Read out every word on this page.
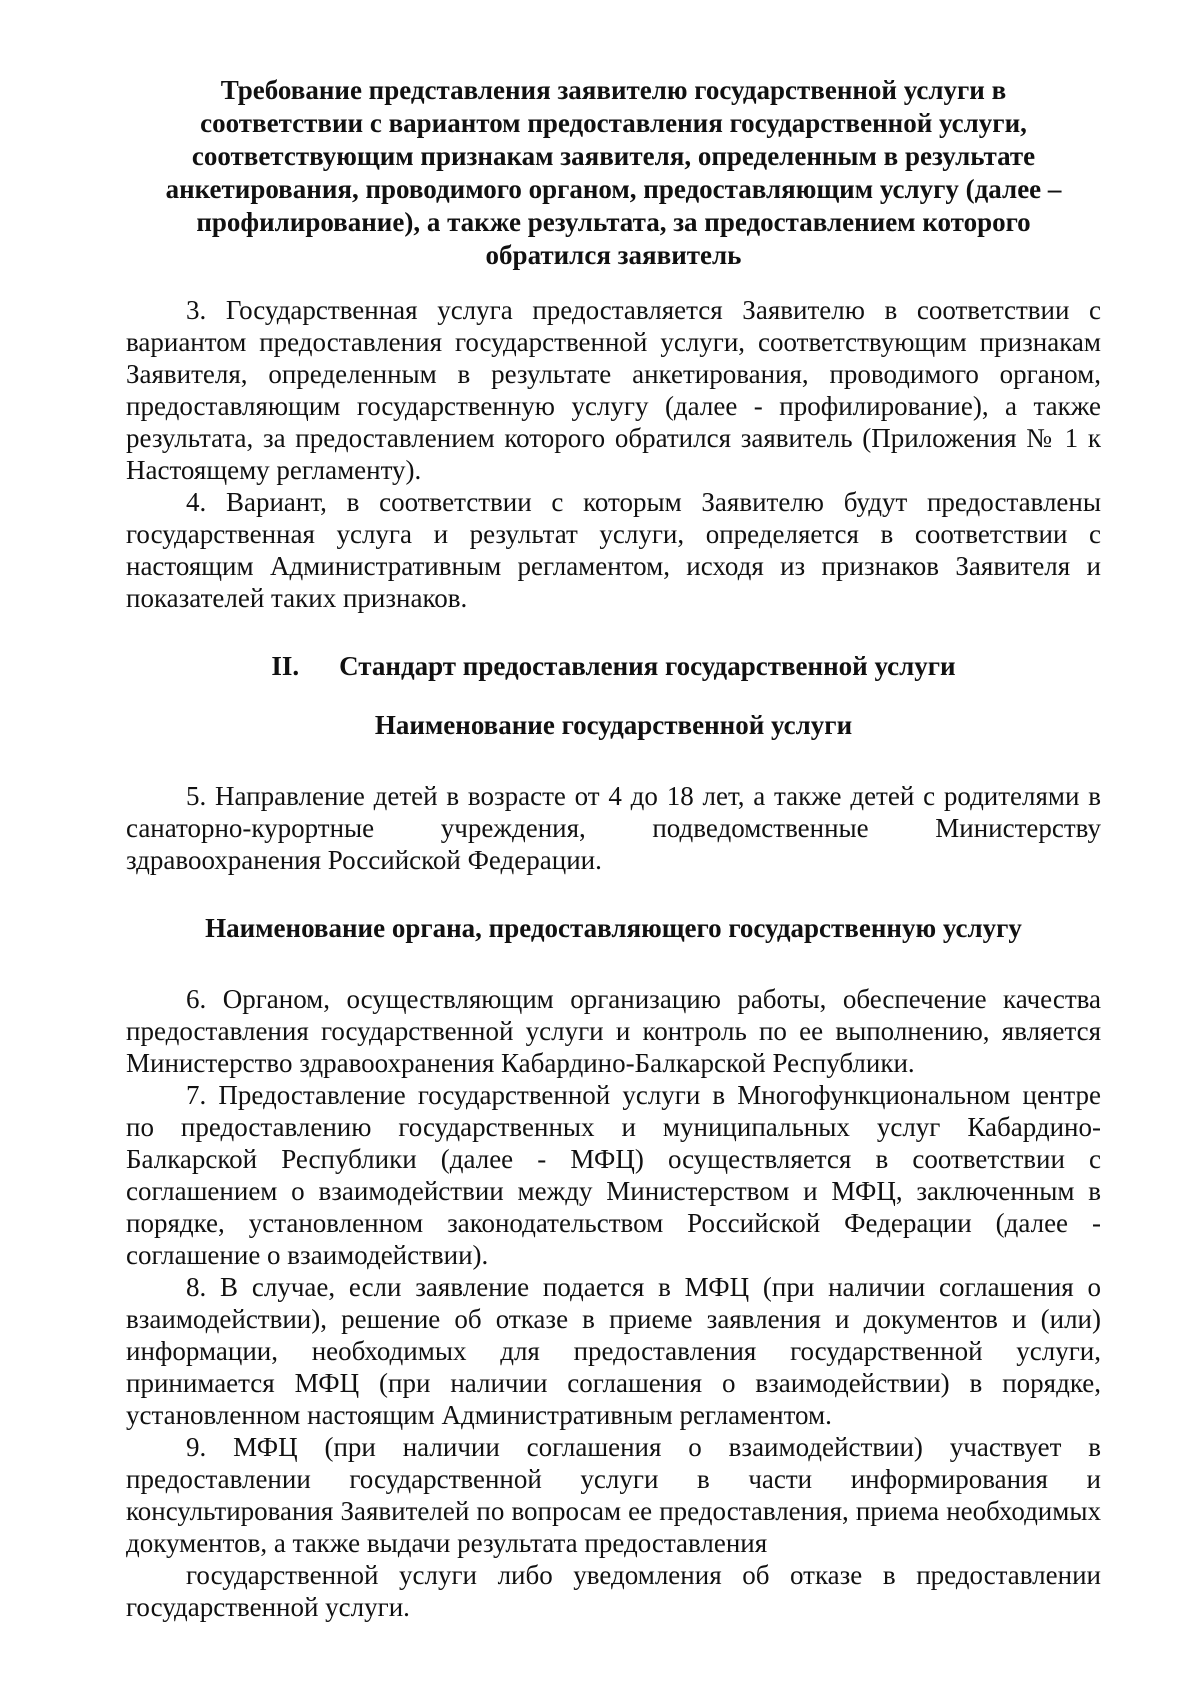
Требование представления заявителю государственной услуги в соответствии с вариантом предоставления государственной услуги, соответствующим признакам заявителя, определенным в результате анкетирования, проводимого органом, предоставляющим услугу (далее – профилирование), а также результата, за предоставлением которого обратился заявитель

3. Государственная услуга предоставляется Заявителю в соответствии с вариантом предоставления государственной услуги, соответствующим признакам Заявителя, определенным в результате анкетирования, проводимого органом, предоставляющим государственную услугу (далее - профилирование), а также результата, за предоставлением которого обратился заявитель (Приложения № 1 к Настоящему регламенту).

4. Вариант, в соответствии с которым Заявителю будут предоставлены государственная услуга и результат услуги, определяется в соответствии с настоящим Административным регламентом, исходя из признаков Заявителя и показателей таких признаков.

II. Стандарт предоставления государственной услуги

Наименование государственной услуги

5. Направление детей в возрасте от 4 до 18 лет, а также детей с родителями в санаторно-курортные учреждения, подведомственные Министерству здравоохранения Российской Федерации.

Наименование органа, предоставляющего государственную услугу

6. Органом, осуществляющим организацию работы, обеспечение качества предоставления государственной услуги и контроль по ее выполнению, является Министерство здравоохранения Кабардино-Балкарской Республики.

7. Предоставление государственной услуги в Многофункциональном центре по предоставлению государственных и муниципальных услуг Кабардино-Балкарской Республики (далее - МФЦ) осуществляется в соответствии с соглашением о взаимодействии между Министерством и МФЦ, заключенным в порядке, установленном законодательством Российской Федерации (далее - соглашение о взаимодействии).

8. В случае, если заявление подается в МФЦ (при наличии соглашения о взаимодействии), решение об отказе в приеме заявления и документов и (или) информации, необходимых для предоставления государственной услуги, принимается МФЦ (при наличии соглашения о взаимодействии) в порядке, установленном настоящим Административным регламентом.

9. МФЦ (при наличии соглашения о взаимодействии) участвует в предоставлении государственной услуги в части информирования и консультирования Заявителей по вопросам ее предоставления, приема необходимых документов, а также выдачи результата предоставления

государственной услуги либо уведомления об отказе в предоставлении государственной услуги.
